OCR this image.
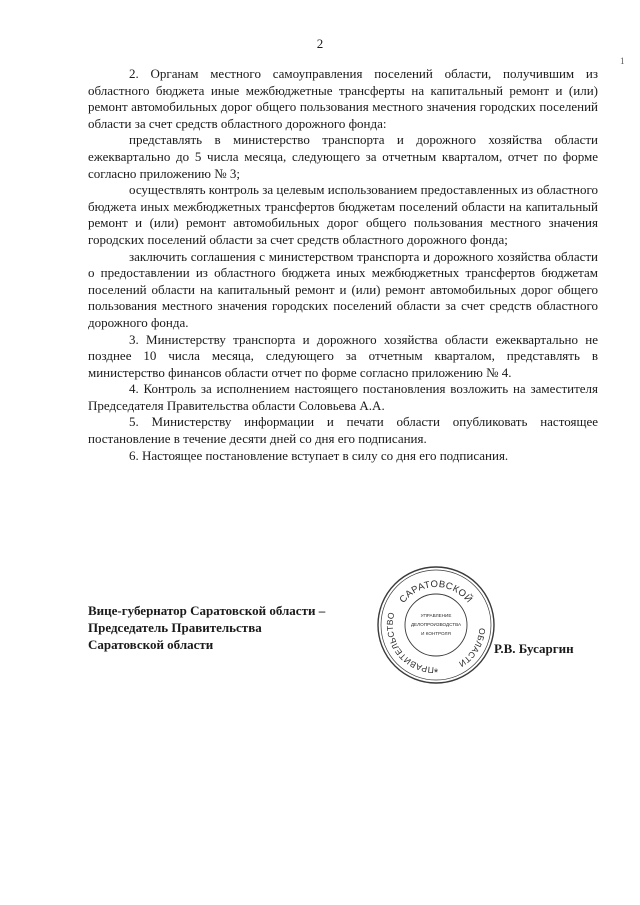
2
1

2. Органам местного самоуправления поселений области, получившим из областного бюджета иные межбюджетные трансферты на капитальный ремонт и (или) ремонт автомобильных дорог общего пользования местного значения городских поселений области за счет средств областного дорожного фонда:

представлять в министерство транспорта и дорожного хозяйства области ежеквартально до 5 числа месяца, следующего за отчетным кварталом, отчет по форме согласно приложению № 3;

осуществлять контроль за целевым использованием предоставленных из областного бюджета иных межбюджетных трансфертов бюджетам поселений области на капитальный ремонт и (или) ремонт автомобильных дорог общего пользования местного значения городских поселений области за счет средств областного дорожного фонда;

заключить соглашения с министерством транспорта и дорожного хозяйства области о предоставлении из областного бюджета иных межбюджетных трансфертов бюджетам поселений области на капитальный ремонт и (или) ремонт автомобильных дорог общего пользования местного значения городских поселений области за счет средств областного дорожного фонда.

3. Министерству транспорта и дорожного хозяйства области ежеквартально не позднее 10 числа месяца, следующего за отчетным кварталом, представлять в министерство финансов области отчет по форме согласно приложению № 4.

4. Контроль за исполнением настоящего постановления возложить на заместителя Председателя Правительства области Соловьева А.А.

5. Министерству информации и печати области опубликовать настоящее постановление в течение десяти дней со дня его подписания.

6. Настоящее постановление вступает в силу со дня его подписания.

Вице-губернатор Саратовской области –
Председатель Правительства
Саратовской области	Р.В. Бусаргин
САРАТОВСКОЙ
ПРАВИТЕЛЬСТВО
ОБЛАСТИ
УПРАВЛЕНИЕ
ДЕЛОПРОИЗВОДСТВА
И КОНТРОЛЯ
*
